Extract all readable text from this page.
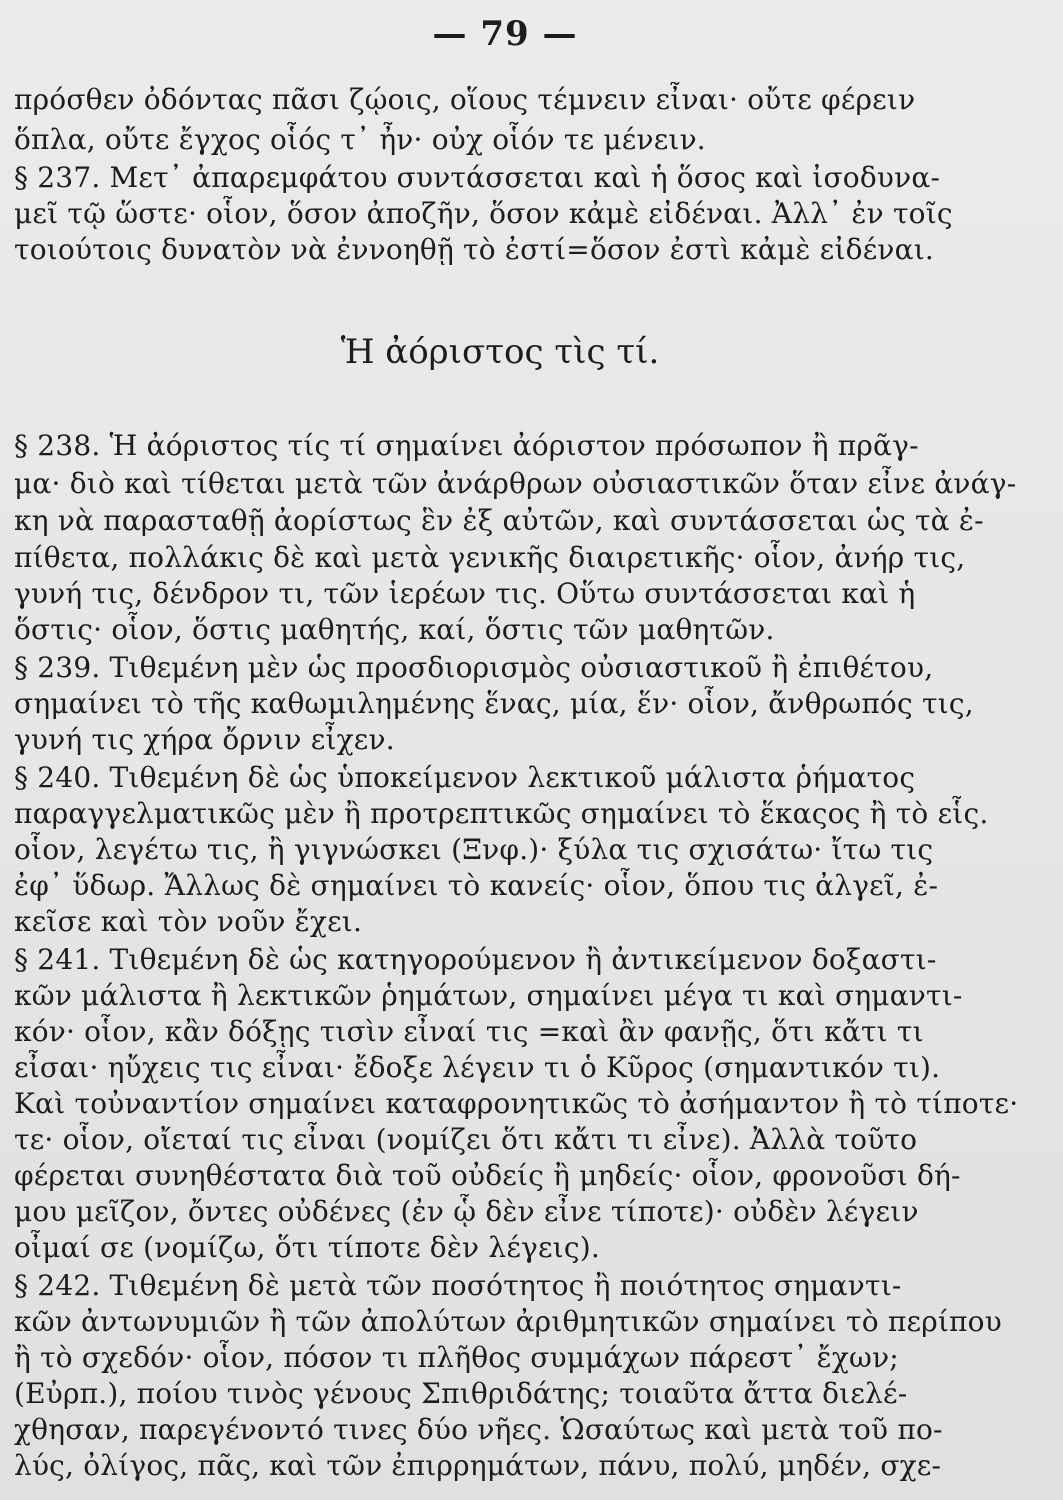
— 79 —
πρόσθεν ὀδόντας πᾶσι ζῴοις, οἵους τέμνειν εἶναι· οὔτε φέρειν
ὅπλα, οὔτε ἔγχος οἷός τ᾽ ἦν· οὐχ οἷόν τε μένειν.
§ 237. Μετ᾽ ἀπαρεμφάτου συντάσσεται καὶ ἡ ὅσος καὶ ἰσοδυνα-
μεῖ τῷ ὥστε· οἷον, ὅσον ἀποζῆν, ὅσον κἀμὲ εἰδέναι. Ἀλλ᾽ ἐν τοῖς
τοιούτοις δυνατὸν νὰ ἐννοηθῇ τὸ ἐστί=ὅσον ἐστὶ κἀμὲ εἰδέναι.
Ἡ ἀόριστος τὶς τί.
§ 238. Ἡ ἀόριστος τίς τί σημαίνει ἀόριστον πρόσωπον ἢ πρᾶγ-
μα· διὸ καὶ τίθεται μετὰ τῶν ἀνάρθρων οὐσιαστικῶν ὅταν εἶνε ἀνάγ-
κη νὰ παρασταθῇ ἀορίστως ἓν ἐξ αὐτῶν, καὶ συντάσσεται ὡς τὰ ἐ-
πίθετα, πολλάκις δὲ καὶ μετὰ γενικῆς διαιρετικῆς· οἷον, ἀνήρ τις,
γυνή τις, δένδρον τι, τῶν ἱερέων τις. Οὕτω συντάσσεται καὶ ἡ
ὅστις· οἷον, ὅστις μαθητής, καί, ὅστις τῶν μαθητῶν.
§ 239. Τιθεμένη μὲν ὡς προσδιορισμὸς οὐσιαστικοῦ ἢ ἐπιθέτου,
σημαίνει τὸ τῆς καθωμιλημένης ἕνας, μία, ἕν· οἷον, ἄνθρωπός τις,
γυνή τις χήρα ὄρνιν εἶχεν.
§ 240. Τιθεμένη δὲ ὡς ὑποκείμενον λεκτικοῦ μάλιστα ῥήματος
παραγγελματικῶς μὲν ἢ προτρεπτικῶς σημαίνει τὸ ἕκαςος ἢ τὸ εἷς.
οἷον, λεγέτω τις, ἢ γιγνώσκει (Ξνφ.)· ξύλα τις σχισάτω· ἴτω τις
ἐφ᾽ ὕδωρ. Ἄλλως δὲ σημαίνει τὸ κανείς· οἷον, ὅπου τις ἀλγεῖ, ἐ-
κεῖσε καὶ τὸν νοῦν ἔχει.
§ 241. Τιθεμένη δὲ ὡς κατηγορούμενον ἢ ἀντικείμενον δοξαστι-
κῶν μάλιστα ἢ λεκτικῶν ῥημάτων, σημαίνει μέγα τι καὶ σημαντι-
κόν· οἷον, κἂν δόξῃς τισὶν εἶναί τις =καὶ ἂν φανῇς, ὅτι κἄτι τι
εἶσαι· ηὔχεις τις εἶναι· ἔδοξε λέγειν τι ὁ Κῦρος (σημαντικόν τι).
Καὶ τοὐναντίον σημαίνει καταφρονητικῶς τὸ ἀσήμαντον ἢ τὸ τίποτε·
τε· οἷον, οἴεταί τις εἶναι (νομίζει ὅτι κἄτι τι εἶνε). Ἀλλὰ τοῦτο
φέρεται συνηθέστατα διὰ τοῦ οὐδείς ἢ μηδείς· οἷον, φρονοῦσι δή-
μου μεῖζον, ὄντες οὐδένες (ἐν ᾧ δὲν εἶνε τίποτε)· οὐδὲν λέγειν
οἶμαί σε (νομίζω, ὅτι τίποτε δὲν λέγεις).
§ 242. Τιθεμένη δὲ μετὰ τῶν ποσότητος ἢ ποιότητος σημαντι-
κῶν ἀντωνυμιῶν ἢ τῶν ἀπολύτων ἀριθμητικῶν σημαίνει τὸ περίπου
ἢ τὸ σχεδόν· οἷον, πόσον τι πλῆθος συμμάχων πάρεστ᾽ ἔχων;
(Εὐρπ.), ποίου τινὸς γένους Σπιθριδάτης; τοιαῦτα ἄττα διελέ-
χθησαν, παρεγένοντό τινες δύο νῆες. Ὡσαύτως καὶ μετὰ τοῦ πο-
λύς, ὀλίγος, πᾶς, καὶ τῶν ἐπιρρημάτων, πάνυ, πολύ, μηδέν, σχε-
